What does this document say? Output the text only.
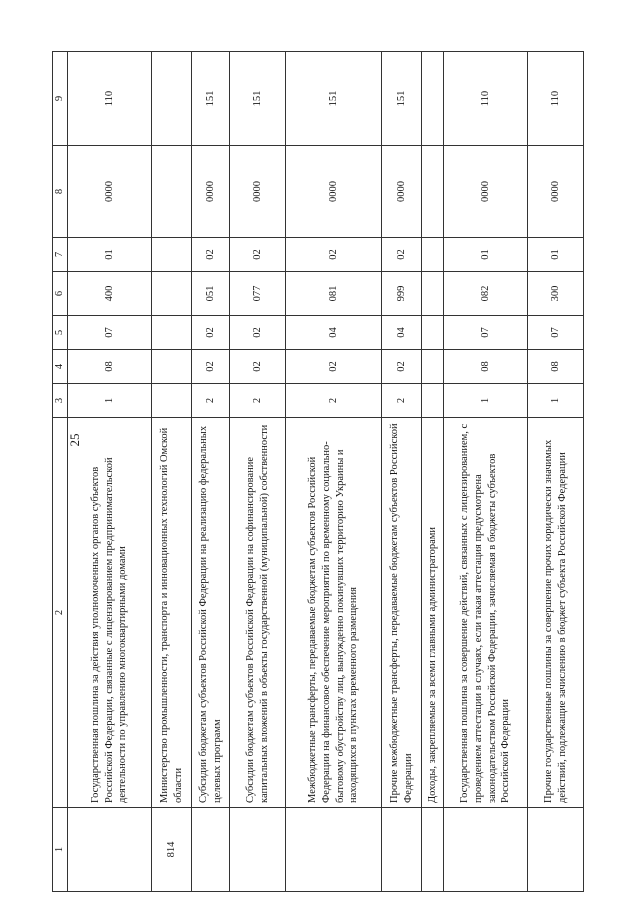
25
1	2	3	4	5	6	7	8	9
	Государственная пошлина за действия уполномоченных органов субъектов Российской Федерации, связанные с лицензированием предпринимательской деятельности по управлению многоквартирными домами	1	08	07	400	01	0000	110
814	Министерство промышленности, транспорта и инновационных технологий Омской области							
	Субсидии бюджетам субъектов Российской Федерации на реализацию федеральных целевых программ	2	02	02	051	02	0000	151
	Субсидии бюджетам субъектов Российской Федерации на софинансирование капитальных вложений в объекты государственной (муниципальной) собственности	2	02	02	077	02	0000	151
	Межбюджетные трансферты, передаваемые бюджетам субъектов Российской Федерации на финансовое обеспечение мероприятий по временному социально-бытовому обустройству лиц, вынужденно покинувших территорию Украины и находящихся в пунктах временного размещения	2	02	04	081	02	0000	151
	Прочие межбюджетные трансферты, передаваемые бюджетам субъектов Российской Федерации	2	02	04	999	02	0000	151
	Доходы, закрепляемые за всеми главными администраторами							
	Государственная пошлина за совершение действий, связанных с лицензированием, с проведением аттестации в случаях, если такая аттестация предусмотрена законодательством Российской Федерации, зачисляемая в бюджеты субъектов Российской Федерации	1	08	07	082	01	0000	110
	Прочие государственные пошлины за совершение прочих юридически значимых действий, подлежащие зачислению в бюджет субъекта Российской Федерации	1	08	07	300	01	0000	110
